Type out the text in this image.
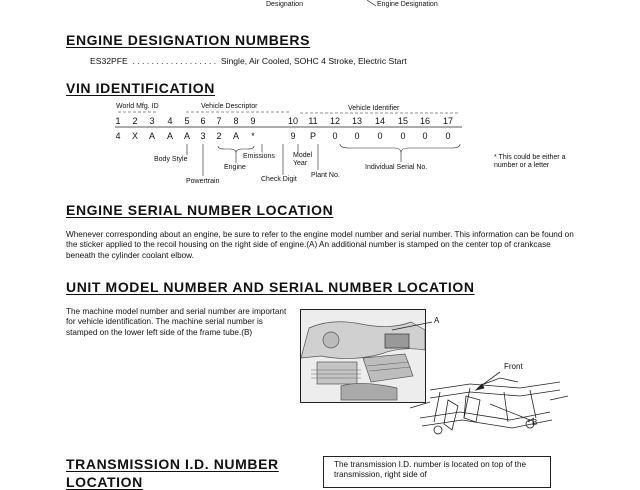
Designation	Engine Designation
ENGINE DESIGNATION NUMBERS
ES32PFE  . . . . . . . . . . . . . . . . . .  Single, Air Cooled, SOHC 4 Stroke, Electric Start
VIN IDENTIFICATION
World Mfg. ID	Vehicle Descriptor	Vehicle Identifier
1	2	3	4	5	6	7	8	9	10 11 12 13 14 15 16 17
4	X	A	A	A	3	2	A	*	9	P	0	0	0	0	0	0
Body Style
Powertrain
Engine
Emissions
Check Digit
Model Year
Plant No.
Individual Serial No.
* This could be either a number or a letter
ENGINE SERIAL NUMBER LOCATION
Whenever corresponding about an engine, be sure to refer to the engine model number and serial number. This information can be found on the sticker applied to the recoil housing on the right side of engine.(A) An additional number is stamped on the center top of crankcase beneath the cylinder coolant elbow.
UNIT MODEL NUMBER AND SERIAL NUMBER LOCATION
The machine model number and serial number are important for vehicle identification. The machine serial number is stamped on the lower left side of the frame tube.(B)
A
Front
B
TRANSMISSION I.D. NUMBER
LOCATION
The transmission I.D. number is located on top of the transmission, right side of
